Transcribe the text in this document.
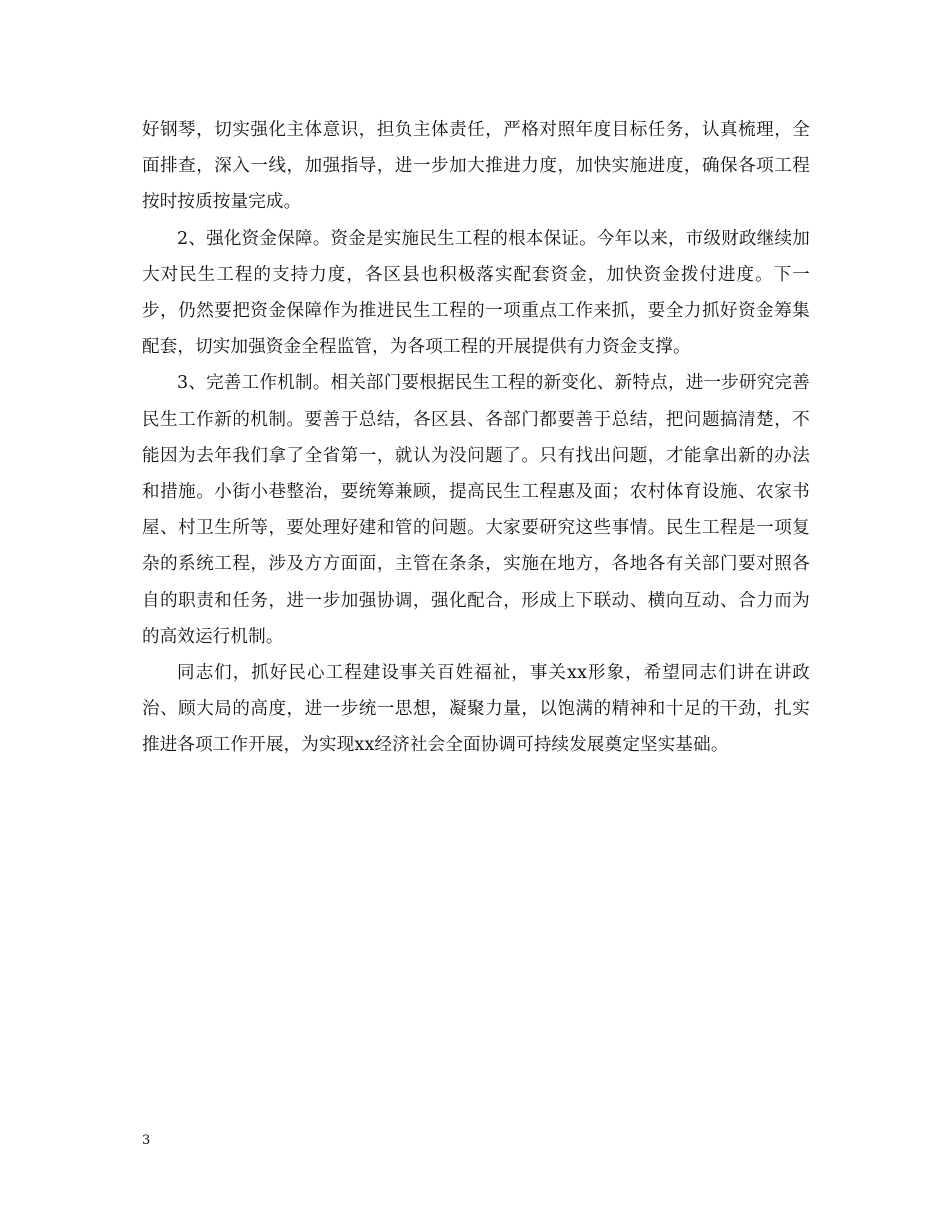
好钢琴，切实强化主体意识，担负主体责任，严格对照年度目标任务，认真梳理，全面排查，深入一线，加强指导，进一步加大推进力度，加快实施进度，确保各项工程按时按质按量完成。

2、强化资金保障。资金是实施民生工程的根本保证。今年以来，市级财政继续加大对民生工程的支持力度，各区县也积极落实配套资金，加快资金拨付进度。下一步，仍然要把资金保障作为推进民生工程的一项重点工作来抓，要全力抓好资金筹集配套，切实加强资金全程监管，为各项工程的开展提供有力资金支撑。

3、完善工作机制。相关部门要根据民生工程的新变化、新特点，进一步研究完善民生工作新的机制。要善于总结，各区县、各部门都要善于总结，把问题搞清楚，不能因为去年我们拿了全省第一，就认为没问题了。只有找出问题，才能拿出新的办法和措施。小街小巷整治，要统筹兼顾，提高民生工程惠及面；农村体育设施、农家书屋、村卫生所等，要处理好建和管的问题。大家要研究这些事情。民生工程是一项复杂的系统工程，涉及方方面面，主管在条条，实施在地方，各地各有关部门要对照各自的职责和任务，进一步加强协调，强化配合，形成上下联动、横向互动、合力而为的高效运行机制。

同志们，抓好民心工程建设事关百姓福祉，事关xx形象，希望同志们讲在讲政治、顾大局的高度，进一步统一思想，凝聚力量，以饱满的精神和十足的干劲，扎实推进各项工作开展，为实现xx经济社会全面协调可持续发展奠定坚实基础。

3
